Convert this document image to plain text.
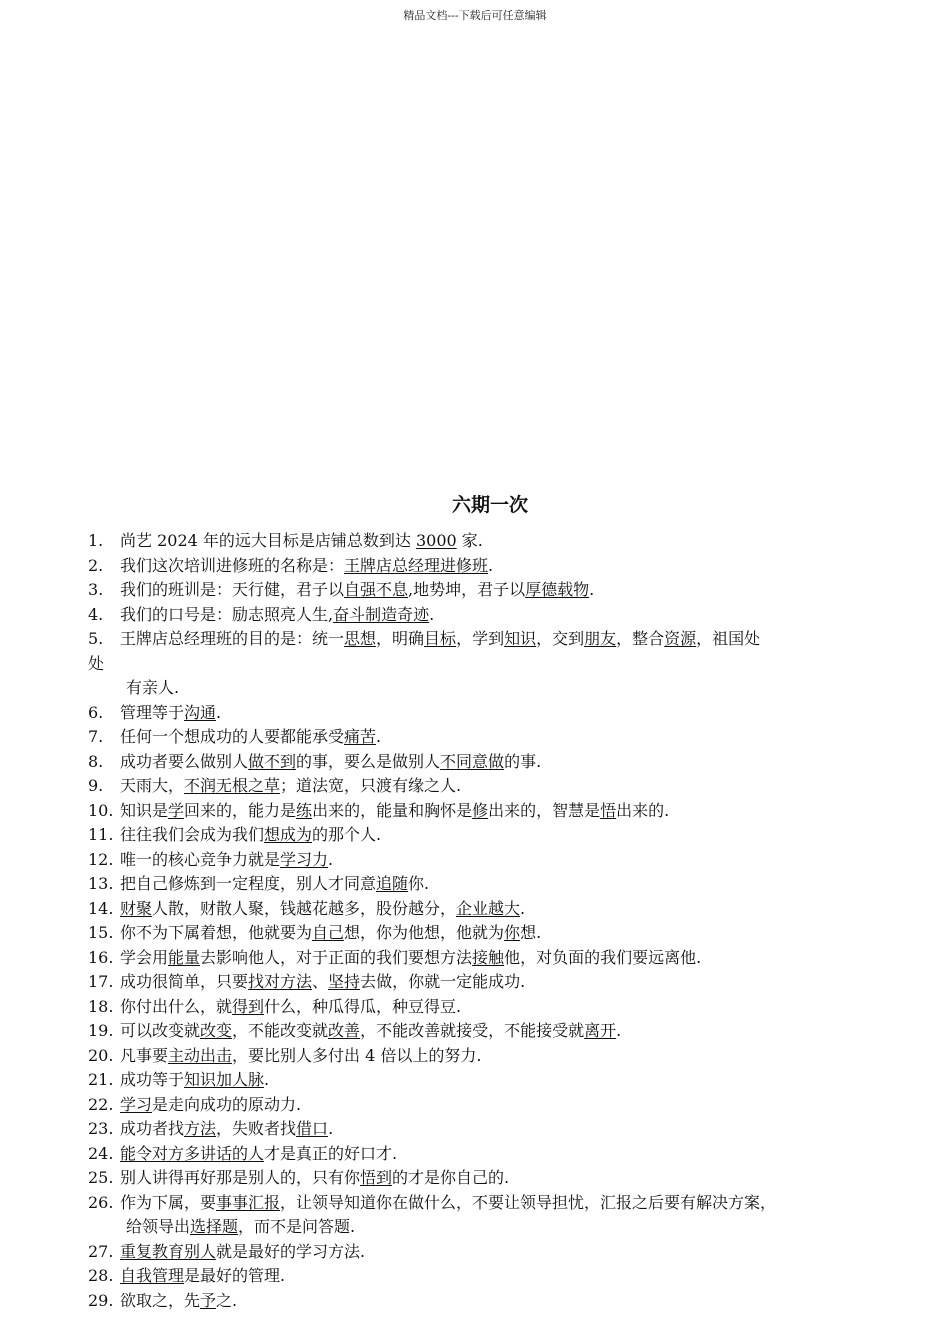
精品文档---下载后可任意编辑
六期一次
1. 尚艺 2024 年的远大目标是店铺总数到达 3000 家.
2. 我们这次培训进修班的名称是：王牌店总经理进修班.
3. 我们的班训是：天行健，君子以自强不息,地势坤，君子以厚德载物.
4. 我们的口号是：励志照亮人生,奋斗制造奇迹.
5. 王牌店总经理班的目的是：统一思想，明确目标，学到知识，交到朋友，整合资源，祖国处
处
有亲人.
6. 管理等于沟通.
7. 任何一个想成功的人要都能承受痛苦.
8. 成功者要么做别人做不到的事，要么是做别人不同意做的事.
9. 天雨大，不润无根之草；道法宽，只渡有缘之人.
10. 知识是学回来的，能力是练出来的，能量和胸怀是修出来的，智慧是悟出来的.
11. 往往我们会成为我们想成为的那个人.
12. 唯一的核心竞争力就是学习力.
13. 把自己修炼到一定程度，别人才同意追随你.
14. 财聚人散，财散人聚，钱越花越多，股份越分，企业越大.
15. 你不为下属着想，他就要为自己想，你为他想，他就为你想.
16. 学会用能量去影响他人，对于正面的我们要想方法接触他，对负面的我们要远离他.
17. 成功很简单，只要找对方法、坚持去做，你就一定能成功.
18. 你付出什么，就得到什么，种瓜得瓜，种豆得豆.
19. 可以改变就改变，不能改变就改善，不能改善就接受，不能接受就离开.
20. 凡事要主动出击，要比别人多付出 4 倍以上的努力.
21. 成功等于知识加人脉.
22. 学习是走向成功的原动力.
23. 成功者找方法，失败者找借口.
24. 能令对方多讲话的人才是真正的好口才.
25. 别人讲得再好那是别人的，只有你悟到的才是你自己的.
26. 作为下属，要事事汇报，让领导知道你在做什么，不要让领导担忧，汇报之后要有解决方案，
给领导出选择题，而不是问答题.
27. 重复教育别人就是最好的学习方法.
28. 自我管理是最好的管理.
29. 欲取之，先予之.
